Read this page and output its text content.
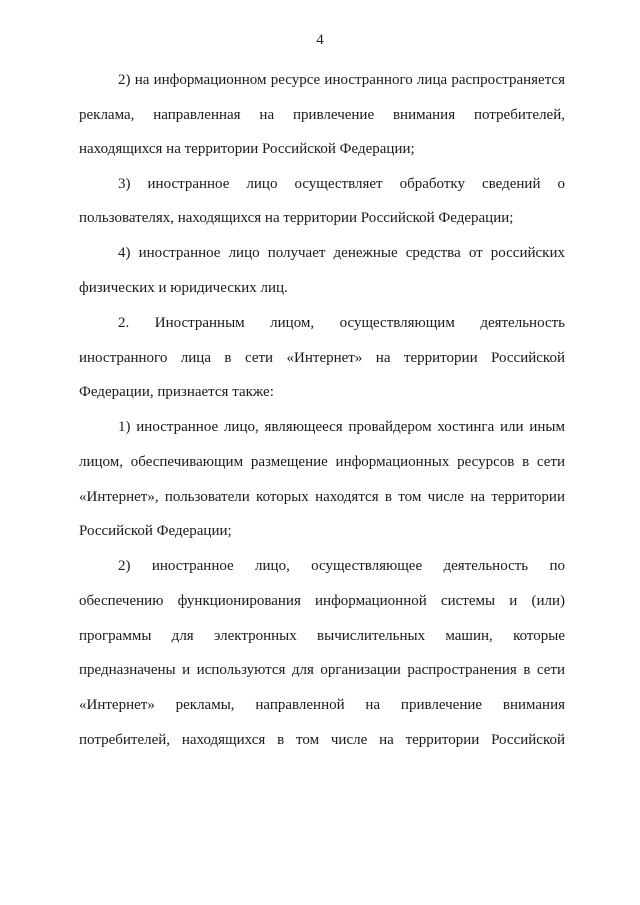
4
2) на информационном ресурсе иностранного лица распространяется
реклама, направленная на привлечение внимания потребителей,
находящихся на территории Российской Федерации;
3) иностранное лицо осуществляет обработку сведений о
пользователях, находящихся на территории Российской Федерации;
4) иностранное лицо получает денежные средства от российских
физических и юридических лиц.
2. Иностранным лицом, осуществляющим деятельность
иностранного лица в сети «Интернет» на территории Российской
Федерации, признается также:
1) иностранное лицо, являющееся провайдером хостинга или иным
лицом, обеспечивающим размещение информационных ресурсов в сети
«Интернет», пользователи которых находятся в том числе на территории
Российской Федерации;
2) иностранное лицо, осуществляющее деятельность по
обеспечению функционирования информационной системы и (или)
программы для электронных вычислительных машин, которые
предназначены и используются для организации распространения в сети
«Интернет» рекламы, направленной на привлечение внимания
потребителей, находящихся в том числе на территории Российской
